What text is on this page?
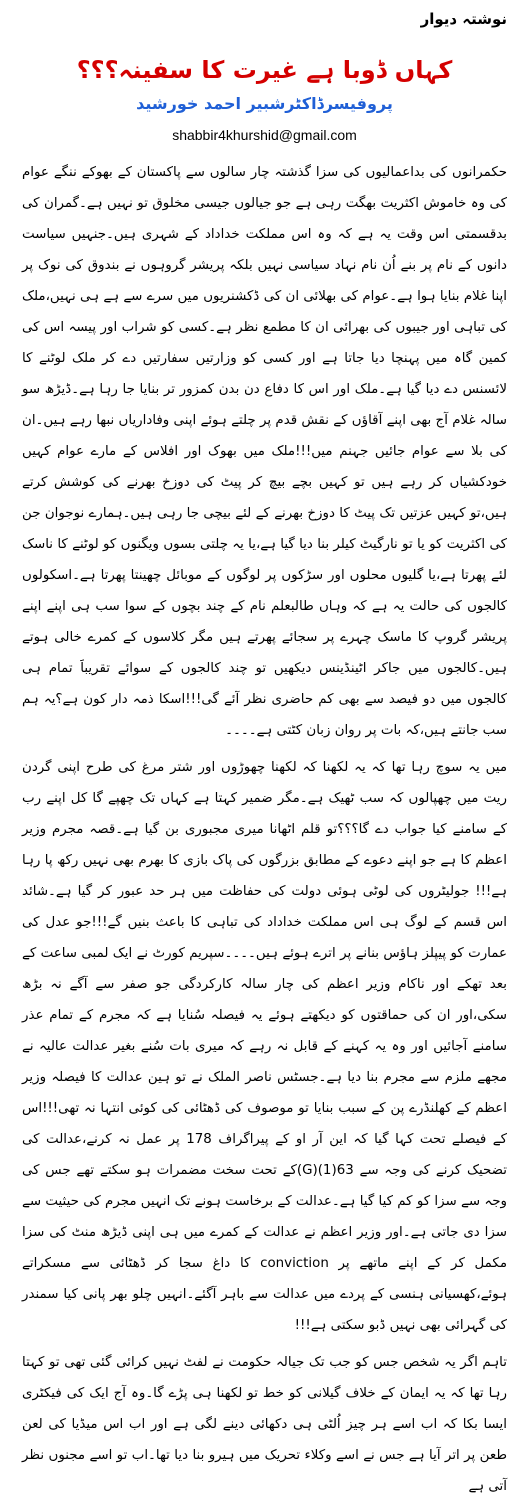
نوشتہ دیوار
کہاں ڈوبا ہے غیرت کا سفینہ؟؟؟
پروفیسرڈاکٹرشبیر احمد خورشید
shabbir4khurshid@gmail.com

حکمرانوں کی بداعمالیوں کی سزا گذشتہ چار سالوں سے پاکستان کے بھوکے ننگے عوام کی وہ خاموش اکثریت بھگت رہی ہے جو جیالوں جیسی مخلوق تو نہیں ہے۔گمران کی بدقسمتی اس وقت یہ ہے کہ وہ اس مملکت خداداد کے شہری ہیں۔جنہیں سیاست دانوں کے نام پر بنے اُن نام نہاد سیاسی نہیں بلکہ پریشر گروہوں نے بندوق کی نوک پر اپنا غلام بنایا ہوا ہے۔عوام کی بھلائی ان کی ڈکشنریوں میں سرے سے ہے ہی نہیں،ملک کی تباہی اور جیبوں کی بھرائی ان کا مطمع نظر ہے۔کسی کو شراب اور پیسہ اس کی کمین گاہ میں پہنچا دیا جاتا ہے اور کسی کو وزارتیں سفارتیں دے کر ملک لوٹنے کا لائسنس دے دیا گیا ہے۔ملک اور اس کا دفاع دن بدن کمزور تر بنایا جا رہا ہے۔ڈیڑھ سو سالہ غلام آج بھی اپنے آقاؤں کے نقش قدم پر چلتے ہوئے اپنی وفاداریاں نبھا رہے ہیں۔ان کی بلا سے عوام جائیں جہنم میں!!!ملک میں بھوک اور افلاس کے مارے عوام کہیں خودکشیاں کر رہے ہیں تو کہیں بچے بیچ کر پیٹ کی دوزخ بھرنے کی کوشش کرتے ہیں،تو کہیں عزتیں تک پیٹ کا دوزخ بھرنے کے لئے بیچی جا رہی ہیں۔ہمارے نوجوان جن کی اکثریت کو یا تو نارگیٹ کیلر بنا دیا گیا ہے،یا یہ چلتی بسوں ویگنوں کو لوٹنے کا ناسک لئے پھرتا ہے،یا گلیوں محلوں اور سڑکوں پر لوگوں کے موبائل چھینتا پھرتا ہے۔اسکولوں کالجوں کی حالت یہ ہے کہ وہاں طالبعلم نام کے چند بچوں کے سوا سب ہی اپنے اپنے پریشر گروپ کا ماسک چہرے پر سجائے پھرتے ہیں مگر کلاسوں کے کمرے خالی ہوتے ہیں۔کالجوں میں جاکر اٹینڈینس دیکھیں تو چند کالجوں کے سوائے تقریباََ تمام ہی کالجوں میں دو فیصد سے بھی کم حاضری نظر آئے گی!!!اسکا ذمہ دار کون ہے؟یہ ہم سب جانتے ہیں،کہ بات پر روان زبان کٹتی ہے۔۔۔۔

میں یہ سوچ رہا تھا کہ یہ لکھنا کہ لکھنا چھوڑوں اور شتر مرغ کی طرح اپنی گردن ریت میں چھپالوں کہ سب ٹھیک ہے۔مگر ضمیر کہتا ہے کہاں تک چھپے گا کل اپنے رب کے سامنے کیا جواب دے گا؟؟؟تو قلم اٹھانا میری مجبوری بن گیا ہے۔قصہ مجرم وزیر اعظم کا ہے جو اپنے دعوے کے مطابق بزرگوں کی پاک بازی کا بھرم بھی نہیں رکھ پا رہا ہے!!! جولیٹروں کی لوٹی ہوئی دولت کی حفاظت میں ہر حد عبور کر گیا ہے۔شائد اس قسم کے لوگ ہی اس مملکت خداداد کی تباہی کا باعث بنیں گے!!!جو عدل کی عمارت کو پیپلز ہاؤس بنانے پر اترے ہوئے ہیں۔۔۔۔سپریم کورٹ نے ایک لمبی ساعت کے بعد تھکے اور ناکام وزیر اعظم کی چار سالہ کارکردگی جو صفر سے آگے نہ بڑھ سکی،اور ان کی حماقتوں کو دیکھتے ہوئے یہ فیصلہ سُنایا ہے کہ مجرم کے تمام عذر سامنے آجائیں اور وہ یہ کہنے کے قابل نہ رہے کہ میری بات سُنے بغیر عدالت عالیہ نے مجھے ملزم سے مجرم بنا دیا ہے۔جسٹس ناصر الملک نے تو ہین عدالت کا فیصلہ وزیر اعظم کے کھلنڈرے پن کے سبب بنایا تو موصوف کی ڈھٹائی کی کوئی انتہا نہ تھی!!!اس کے فیصلے تحت کہا گیا کہ این آر او کے پیراگراف 178 پر عمل نہ کرنے،عدالت کی تضحیک کرنے کی وجہ سے 63(1)(G)کے تحت سخت مضمرات ہو سکتے تھے جس کی وجہ سے سزا کو کم کیا گیا ہے۔عدالت کے برخاست ہونے تک انہیں مجرم کی حیثیت سے سزا دی جاتی ہے۔اور وزیر اعظم نے عدالت کے کمرے میں ہی اپنی ڈیڑھ منٹ کی سزا مکمل کر کے اپنے ماتھے پر conviction کا داغ سجا کر ڈھٹائی سے مسکراتے ہوئے،کھسیانی ہنسی کے پردے میں عدالت سے باہر آگئے۔انہیں چلو بھر پانی کیا سمندر کی گہرائی بھی نہیں ڈبو سکتی ہے!!!

تاہم اگر یہ شخص جس کو جب تک جیالہ حکومت نے لفٹ نہیں کرائی گئی تھی تو کہتا رہا تھا کہ یہ ایمان کے خلاف گیلانی کو خط تو لکھنا ہی پڑے گا۔وہ آج ایک کی فیکٹری ایسا بکا کہ اب اسے ہر چیز اُلٹی ہی دکھائی دینے لگی ہے اور اب اس میڈیا کی لعن طعن پر اتر آیا ہے جس نے اسے وکلاء تحریک میں ہیرو بنا دیا تھا۔اب تو اسے مجنوں نظر آتی ہے
